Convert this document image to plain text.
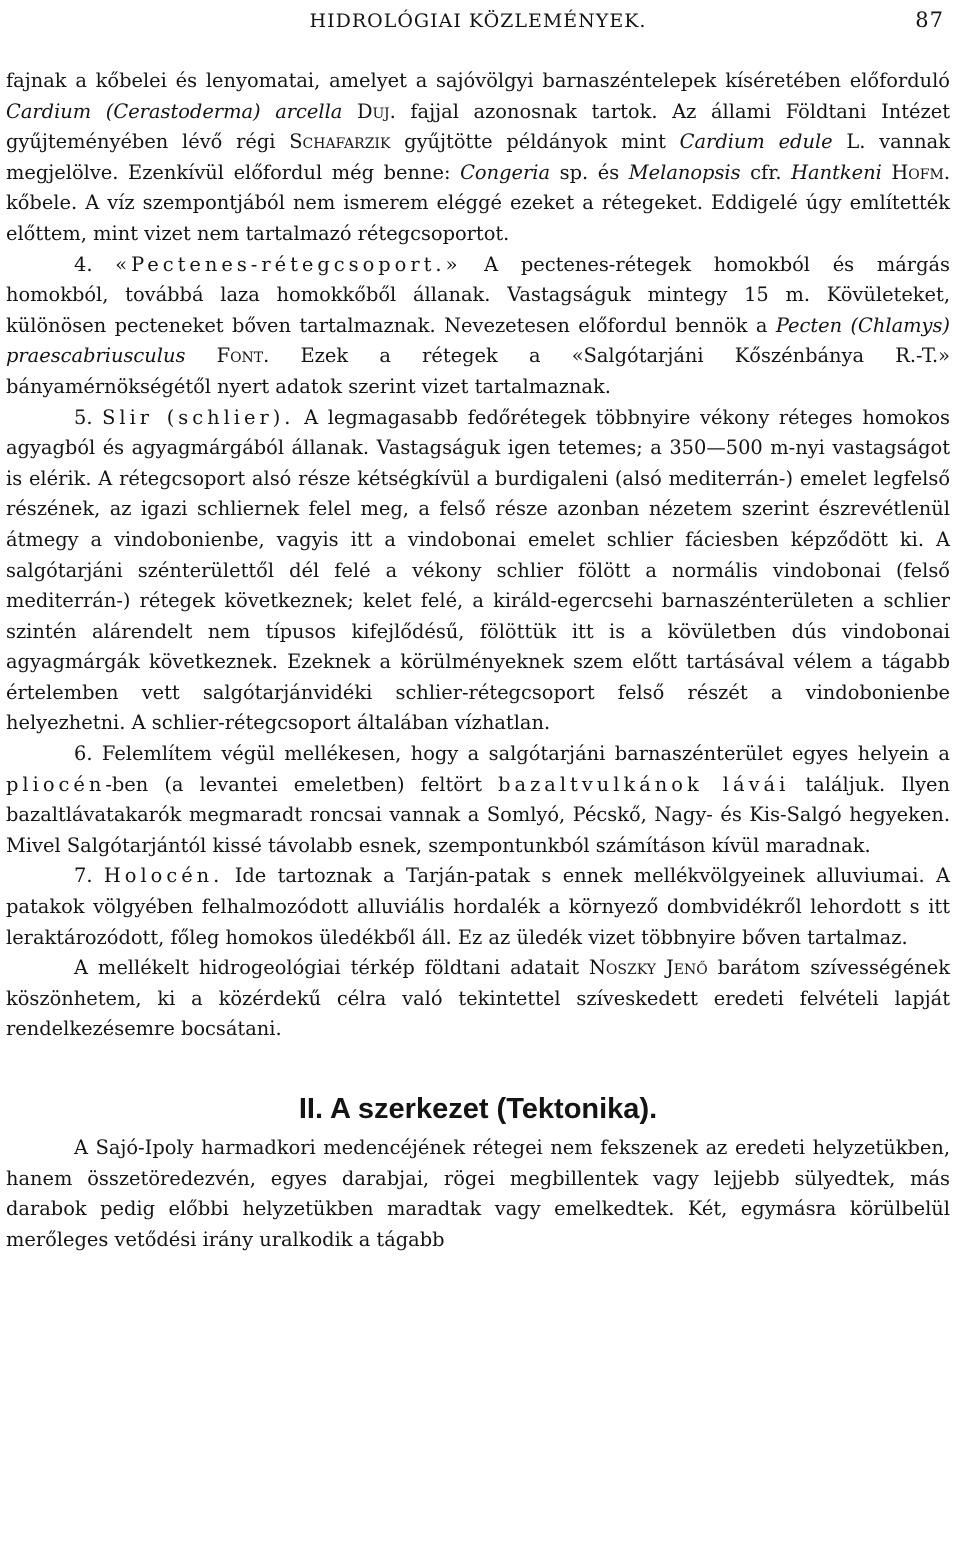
HIDROLÓGIAI KÖZLEMÉNYEK.	87

fajnak a kőbelei és lenyomatai, amelyet a sajóvölgyi barnaszéntelepek kíséretében előforduló Cardium (Cerastoderma) arcella Duj. fajjal azonosnak tartok. Az állami Földtani Intézet gyűjteményében lévő régi Schafarzik gyűjtötte példányok mint Cardium edule L. vannak megjelölve. Ezenkívül előfordul még benne: Congeria sp. és Melanopsis cfr. Hantkeni Hofm. kőbele. A víz szempontjából nem ismerem eléggé ezeket a rétegeket. Eddigelé úgy említették előttem, mint vizet nem tartalmazó rétegcsoportot.

4. «Pectenes-rétegcsoport.» A pectenes-rétegek homokból és márgás homokból, továbbá laza homokkőből állanak. Vastagságuk mintegy 15 m. Kövületeket, különösen pecteneket bőven tartalmaznak. Nevezetesen előfordul bennök a Pecten (Chlamys) praescabriusculus Font. Ezek a rétegek a «Salgótarjáni Kőszénbánya R.-T.» bányamérnökségétől nyert adatok szerint vizet tartalmaznak.

5. Slir (schlier). A legmagasabb fedőrétegek többnyire vékony réteges homokos agyagból és agyagmárgából állanak. Vastagságuk igen tetemes; a 350—500 m-nyi vastagságot is elérik. A rétegcsoport alsó része kétségkívül a burdigaleni (alsó mediterrán-) emelet legfelső részének, az igazi schliernek felel meg, a felső része azonban nézetem szerint észrevétlenül átmegy a vindobonienbe, vagyis itt a vindobonai emelet schlier fáciesben képződött ki. A salgótarjáni szénterülettől dél felé a vékony schlier fölött a normális vindobonai (felső mediterrán-) rétegek következnek; kelet felé, a királd-egercsehi barnaszénterületen a schlier szintén alárendelt nem típusos kifejlődésű, fölöttük itt is a kövületben dús vindobonai agyagmárgák következnek. Ezeknek a körülményeknek szem előtt tartásával vélem a tágabb értelemben vett salgótarjánvidéki schlier-rétegcsoport felső részét a vindobonienbe helyezhetni. A schlier-rétegcsoport általában vízhatlan.

6. Felemlítem végül mellékesen, hogy a salgótarjáni barnaszénterület egyes helyein a pliocén-ben (a levantei emeletben) feltört bazaltvulkánok lávái találjuk. Ilyen bazaltlávatakarók megmaradt roncsai vannak a Somlyó, Pécskő, Nagy- és Kis-Salgó hegyeken. Mivel Salgótarjántól kissé távolabb esnek, szempontunkból számításon kívül maradnak.

7. Holocén. Ide tartoznak a Tarján-patak s ennek mellékvölgyeinek alluviumai. A patakok völgyében felhalmozódott alluviális hordalék a környező dombvidékről lehordott s itt leraktározódott, főleg homokos üledékből áll. Ez az üledék vizet többnyire bőven tartalmaz.

A mellékelt hidrogeológiai térkép földtani adatait Noszky Jenő barátom szívességének köszönhetem, ki a közérdekű célra való tekintettel szíveskedett eredeti felvételi lapját rendelkezésemre bocsátani.

II. A szerkezet (Tektonika).

A Sajó-Ipoly harmadkori medencéjének rétegei nem fekszenek az eredeti helyzetükben, hanem összetöredezvén, egyes darabjai, rögei megbillentek vagy lejjebb sülyedtek, más darabok pedig előbbi helyzetükben maradtak vagy emelkedtek. Két, egymásra körülbelül merőleges vetődési irány uralkodik a tágabb
